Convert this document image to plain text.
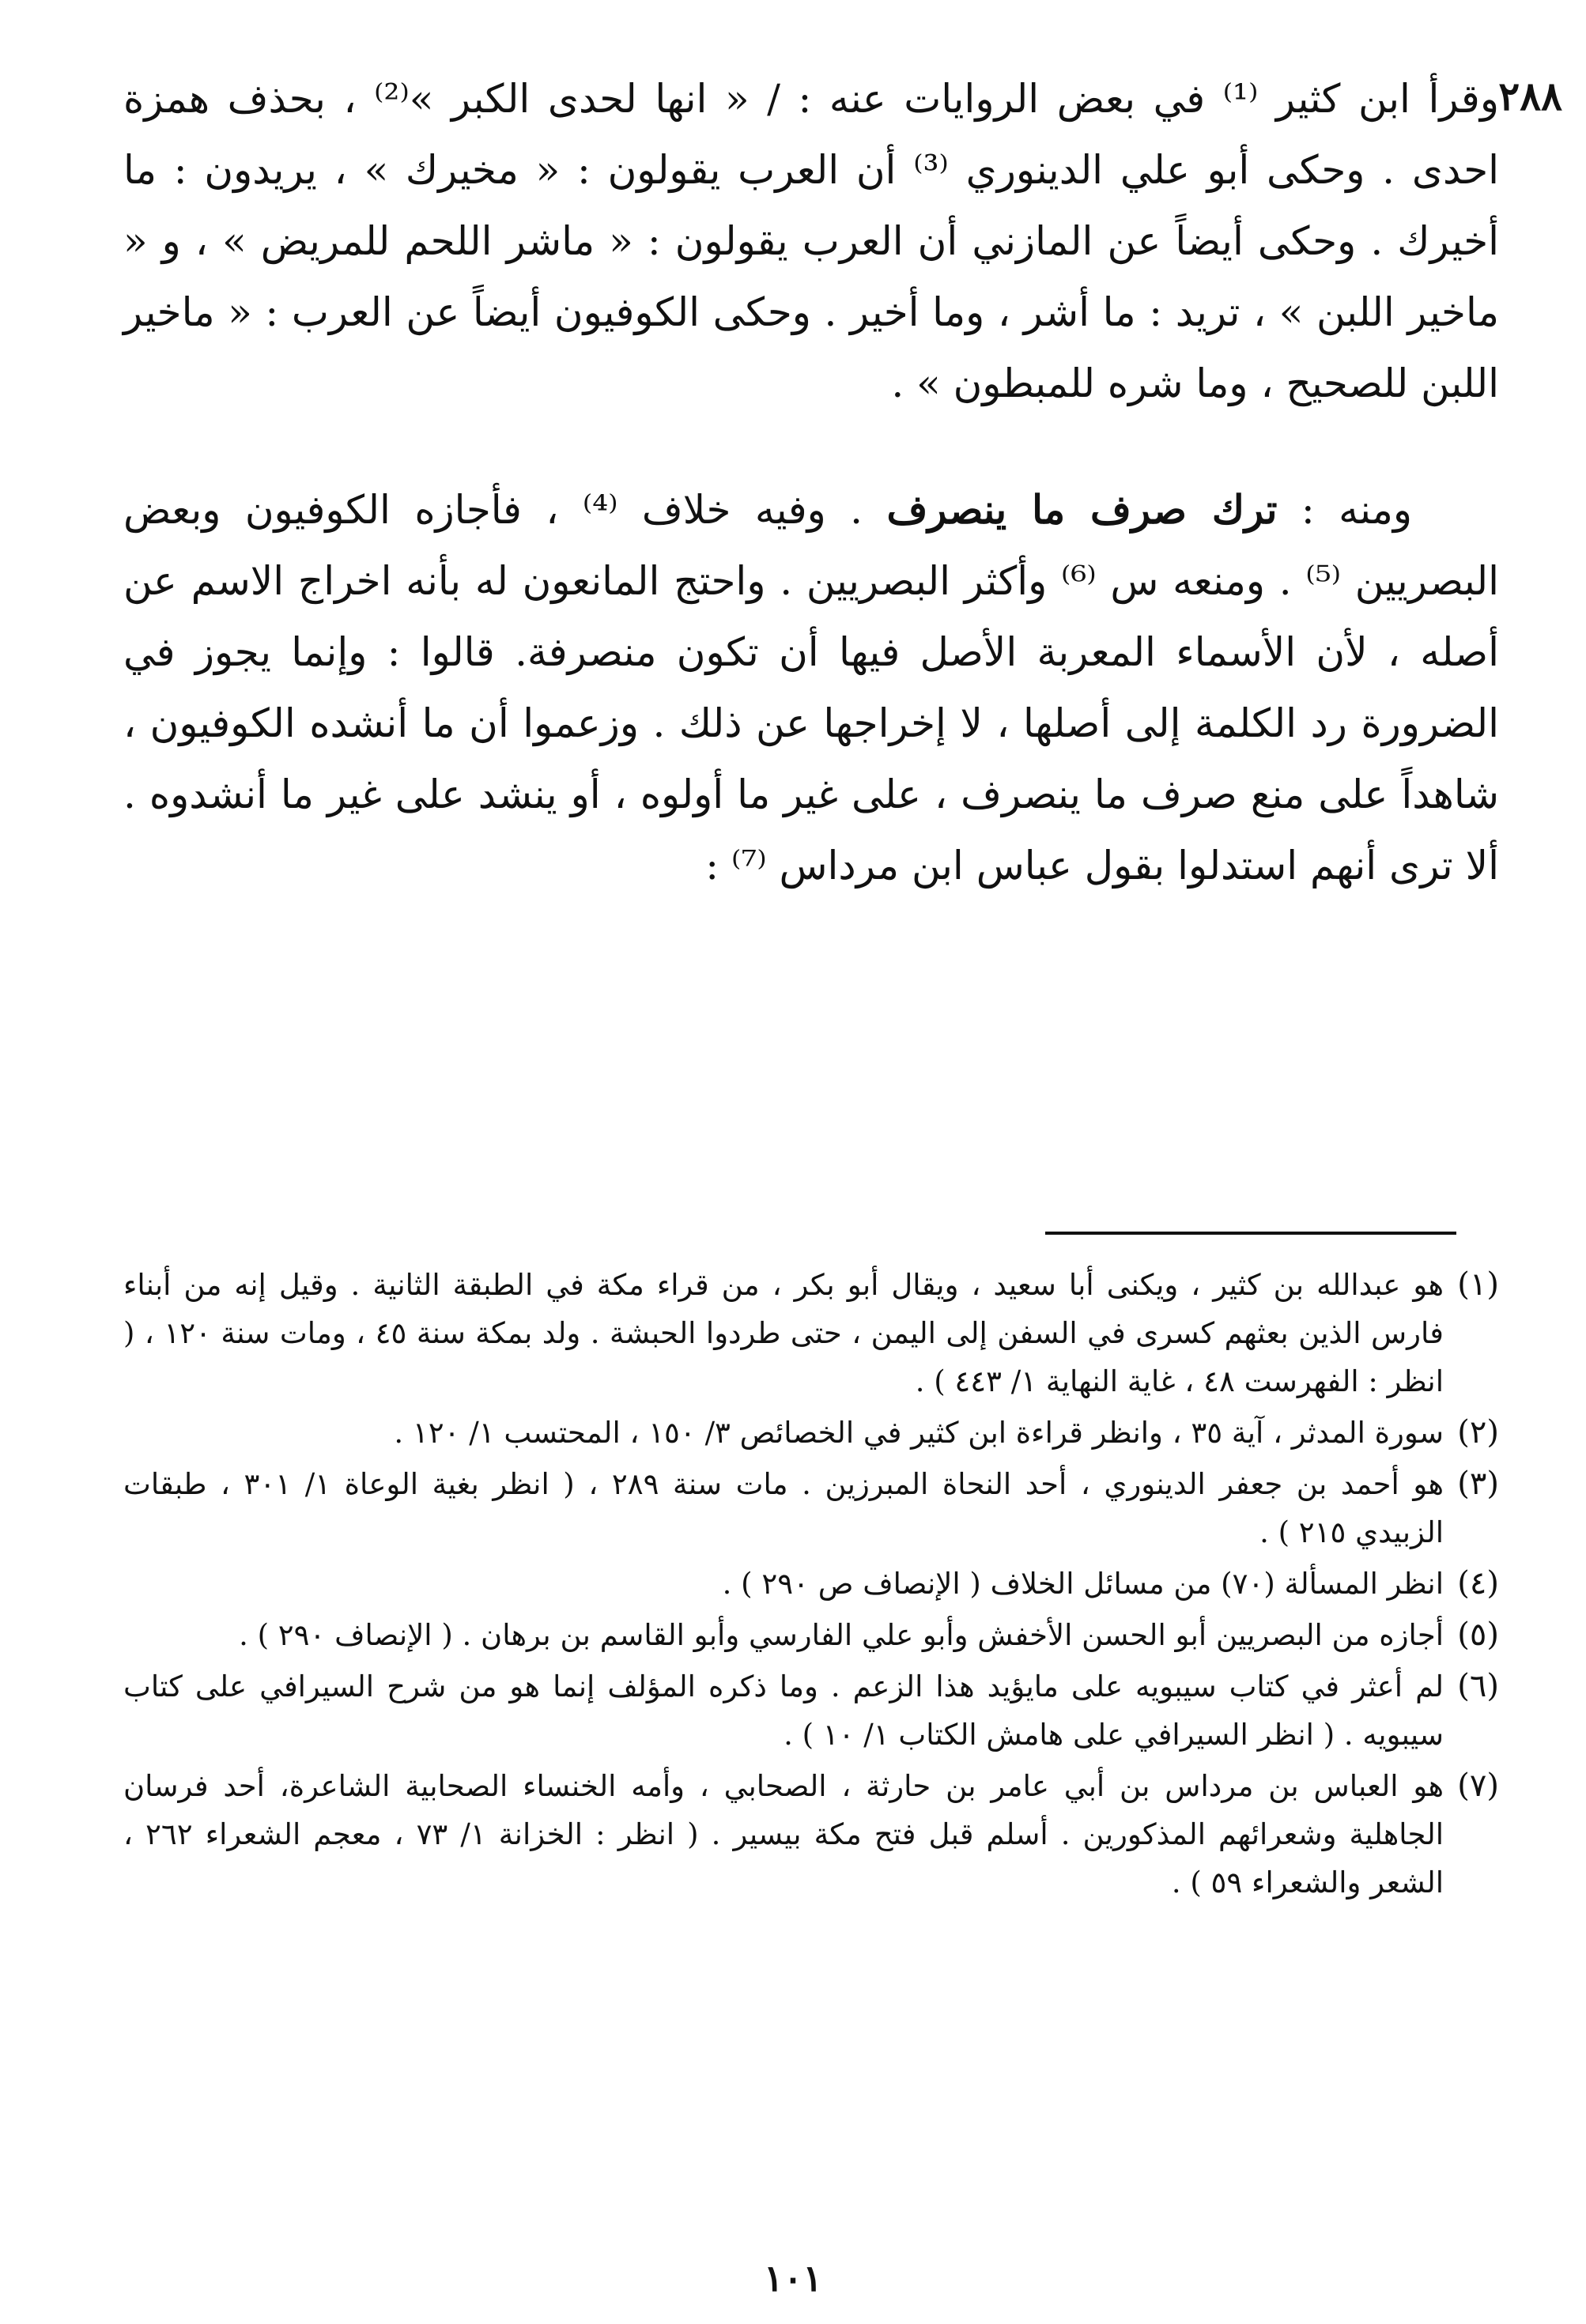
٢٨٨

وقرأ ابن كثير ⁽¹⁾ في بعض الروايات عنه : / « انها لحدى الكبر »⁽²⁾ ، بحذف همزة احدى . وحكى أبو علي الدينوري ⁽³⁾ أن العرب يقولون : « مخيرك » ، يريدون : ما أخيرك . وحكى أيضاً عن المازني أن العرب يقولون : « ماشر اللحم للمريض » ، و « ماخير اللبن » ، تريد : ما أشر ، وما أخير . وحكى الكوفيون أيضاً عن العرب : « ماخير اللبن للصحيح ، وما شره للمبطون » .

ومنه : ترك صرف ما ينصرف . وفيه خلاف ⁽⁴⁾ ، فأجازه الكوفيون وبعض البصريين ⁽⁵⁾ . ومنعه س ⁽⁶⁾ وأكثر البصريين . واحتج المانعون له بأنه اخراج الاسم عن أصله ، لأن الأسماء المعربة الأصل فيها أن تكون منصرفة. قالوا : وإنما يجوز في الضرورة رد الكلمة إلى أصلها ، لا إخراجها عن ذلك . وزعموا أن ما أنشده الكوفيون ، شاهداً على منع صرف ما ينصرف ، على غير ما أولوه ، أو ينشد على غير ما أنشدوه . ألا ترى أنهم استدلوا بقول عباس ابن مرداس ⁽⁷⁾ :

(١)
هو عبدالله بن كثير ، ويكنى أبا سعيد ، ويقال أبو بكر ، من قراء مكة في الطبقة الثانية . وقيل إنه من أبناء فارس الذين بعثهم كسرى في السفن إلى اليمن ، حتى طردوا الحبشة . ولد بمكة سنة ٤٥ ، ومات سنة ١٢٠ ، ( انظر : الفهرست ٤٨ ، غاية النهاية ١/ ٤٤٣ ) .
(٢)
سورة المدثر ، آية ٣٥ ، وانظر قراءة ابن كثير في الخصائص ٣/ ١٥٠ ، المحتسب ١/ ١٢٠ .
(٣)
هو أحمد بن جعفر الدينوري ، أحد النحاة المبرزين . مات سنة ٢٨٩ ، ( انظر بغية الوعاة ١/ ٣٠١ ، طبقات الزبيدي ٢١٥ ) .
(٤)
انظر المسألة (٧٠) من مسائل الخلاف ( الإنصاف ص ٢٩٠ ) .
(٥)
أجازه من البصريين أبو الحسن الأخفش وأبو علي الفارسي وأبو القاسم بن برهان . ( الإنصاف ٢٩٠ ) .
(٦)
لم أعثر في كتاب سيبويه على مايؤيد هذا الزعم . وما ذكره المؤلف إنما هو من شرح السيرافي على كتاب سيبويه . ( انظر السيرافي على هامش الكتاب ١/ ١٠ ) .
(٧)
هو العباس بن مرداس بن أبي عامر بن حارثة ، الصحابي ، وأمه الخنساء الصحابية الشاعرة، أحد فرسان الجاهلية وشعرائهم المذكورين . أسلم قبل فتح مكة بيسير . ( انظر : الخزانة ١/ ٧٣ ، معجم الشعراء ٢٦٢ ، الشعر والشعراء ٥٩ ) .
١٠١
